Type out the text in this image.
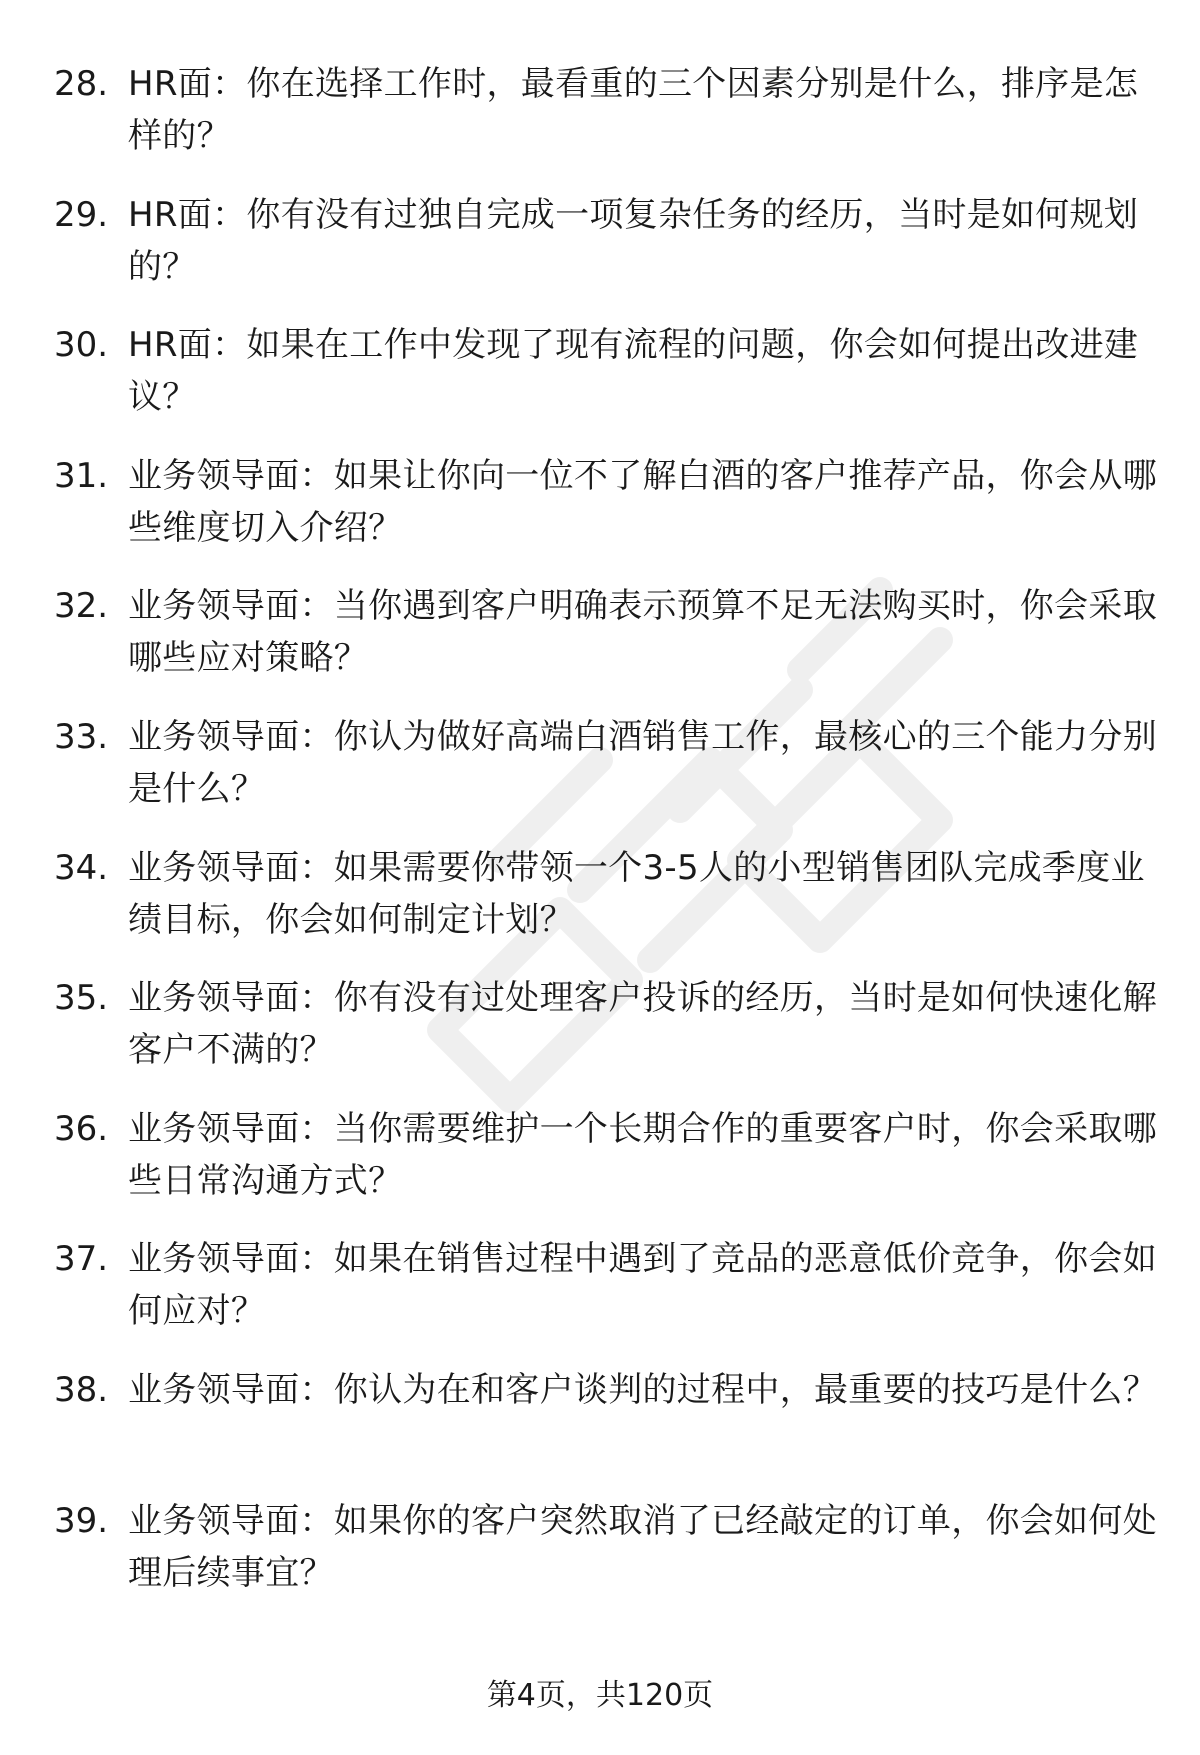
28. HR面：你在选择工作时，最看重的三个因素分别是什么，排序是怎样的？
29. HR面：你有没有过独自完成一项复杂任务的经历，当时是如何规划的？
30. HR面：如果在工作中发现了现有流程的问题，你会如何提出改进建议？
31. 业务领导面：如果让你向一位不了解白酒的客户推荐产品，你会从哪些维度切入介绍？
32. 业务领导面：当你遇到客户明确表示预算不足无法购买时，你会采取哪些应对策略？
33. 业务领导面：你认为做好高端白酒销售工作，最核心的三个能力分别是什么？
34. 业务领导面：如果需要你带领一个3-5人的小型销售团队完成季度业绩目标，你会如何制定计划？
35. 业务领导面：你有没有过处理客户投诉的经历，当时是如何快速化解客户不满的？
36. 业务领导面：当你需要维护一个长期合作的重要客户时，你会采取哪些日常沟通方式？
37. 业务领导面：如果在销售过程中遇到了竞品的恶意低价竞争，你会如何应对？
38. 业务领导面：你认为在和客户谈判的过程中，最重要的技巧是什么？
39. 业务领导面：如果你的客户突然取消了已经敲定的订单，你会如何处理后续事宜？
第4页，共120页
